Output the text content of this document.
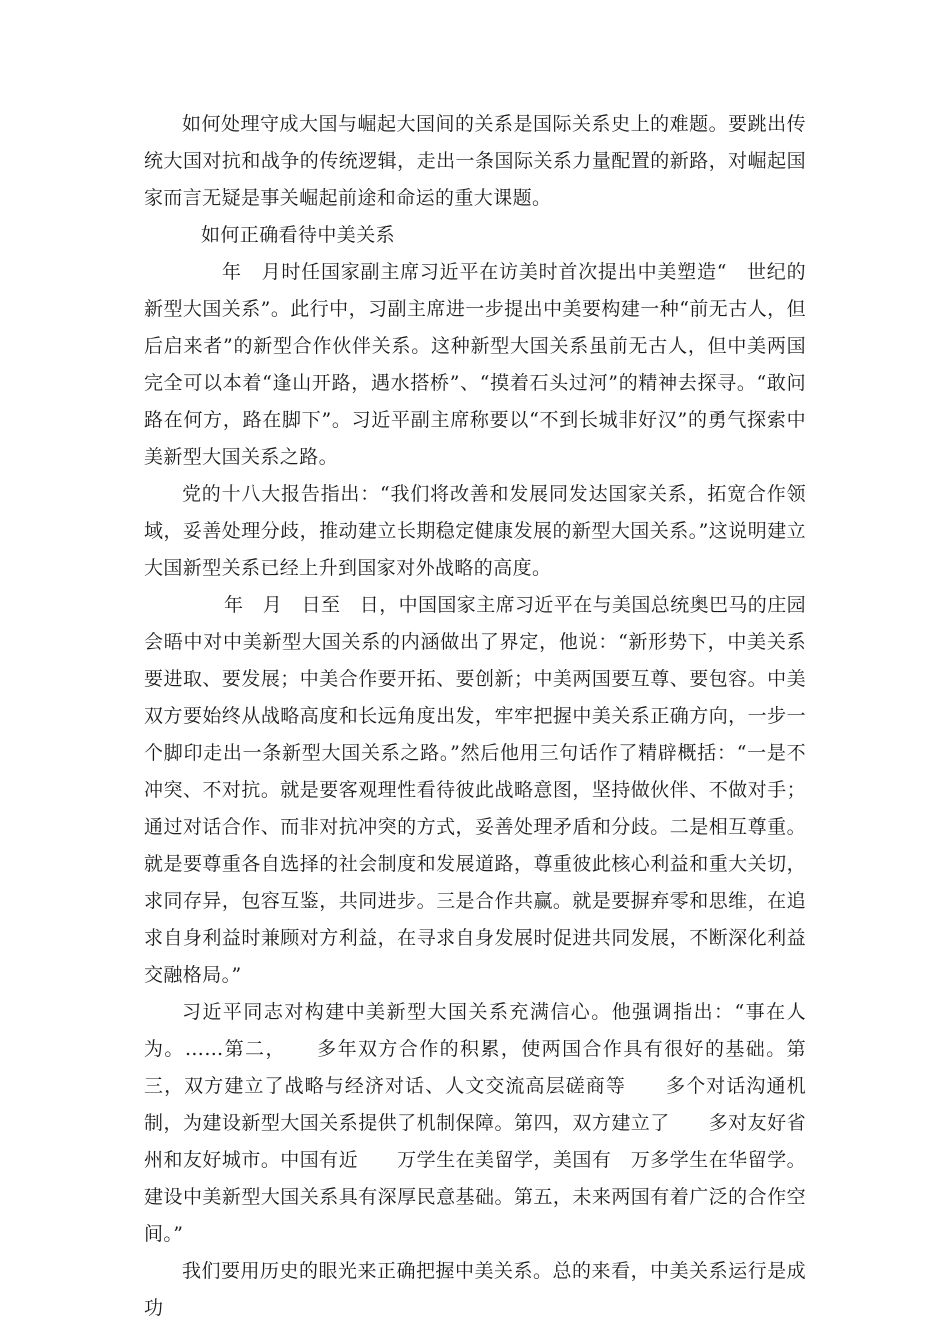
如何处理守成大国与崛起大国间的关系是国际关系史上的难题。要跳出传统大国对抗和战争的传统逻辑，走出一条国际关系力量配置的新路，对崛起国家而言无疑是事关崛起前途和命运的重大课题。

如何正确看待中美关系

年　月时任国家副主席习近平在访美时首次提出中美塑造“　世纪的新型大国关系”。此行中，习副主席进一步提出中美要构建一种“前无古人，但后启来者”的新型合作伙伴关系。这种新型大国关系虽前无古人，但中美两国完全可以本着“逢山开路，遇水搭桥”、“摸着石头过河”的精神去探寻。“敢问路在何方，路在脚下”。习近平副主席称要以“不到长城非好汉”的勇气探索中美新型大国关系之路。

党的十八大报告指出：“我们将改善和发展同发达国家关系，拓宽合作领域，妥善处理分歧，推动建立长期稳定健康发展的新型大国关系。”这说明建立大国新型关系已经上升到国家对外战略的高度。

年　月　日至　日，中国国家主席习近平在与美国总统奥巴马的庄园会晤中对中美新型大国关系的内涵做出了界定，他说：“新形势下，中美关系要进取、要发展；中美合作要开拓、要创新；中美两国要互尊、要包容。中美双方要始终从战略高度和长远角度出发，牢牢把握中美关系正确方向，一步一个脚印走出一条新型大国关系之路。”然后他用三句话作了精辟概括：“一是不冲突、不对抗。就是要客观理性看待彼此战略意图，坚持做伙伴、不做对手；通过对话合作、而非对抗冲突的方式，妥善处理矛盾和分歧。二是相互尊重。就是要尊重各自选择的社会制度和发展道路，尊重彼此核心利益和重大关切，求同存异，包容互鉴，共同进步。三是合作共赢。就是要摒弃零和思维，在追求自身利益时兼顾对方利益，在寻求自身发展时促进共同发展，不断深化利益交融格局。”

习近平同志对构建中美新型大国关系充满信心。他强调指出：“事在人为。……第二，　　多年双方合作的积累，使两国合作具有很好的基础。第三，双方建立了战略与经济对话、人文交流高层磋商等　　多个对话沟通机制，为建设新型大国关系提供了机制保障。第四，双方建立了　　多对友好省州和友好城市。中国有近　　万学生在美留学，美国有　万多学生在华留学。建设中美新型大国关系具有深厚民意基础。第五，未来两国有着广泛的合作空间。”

我们要用历史的眼光来正确把握中美关系。总的来看，中美关系运行是成功
